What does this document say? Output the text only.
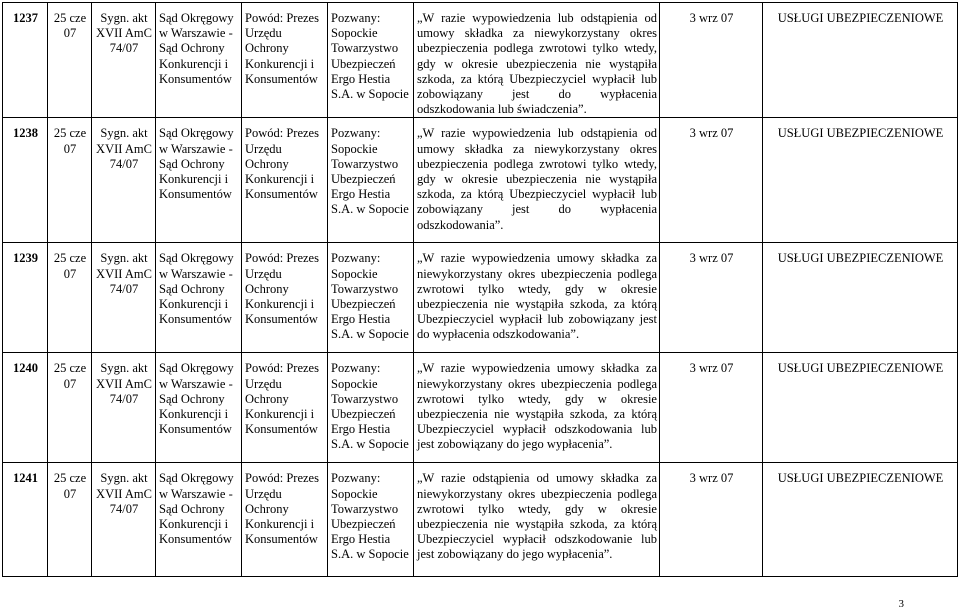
1237	25 cze 07	Sygn. akt XVII AmC 74/07	Sąd Okręgowy w Warszawie - Sąd Ochrony Konkurencji i Konsumentów	Powód: Prezes Urzędu Ochrony Konkurencji i Konsumentów	Pozwany: Sopockie Towarzystwo Ubezpieczeń Ergo Hestia S.A. w Sopocie	„W razie wypowiedzenia lub odstąpienia od umowy składka za niewykorzystany okres ubezpieczenia podlega zwrotowi tylko wtedy, gdy w okresie ubezpieczenia nie wystąpiła szkoda, za którą Ubezpieczyciel wypłacił lub zobowiązany jest do wypłacenia odszkodowania lub świadczenia”.	3 wrz 07	USŁUGI UBEZPIECZENIOWE
1238	25 cze 07	Sygn. akt XVII AmC 74/07	Sąd Okręgowy w Warszawie - Sąd Ochrony Konkurencji i Konsumentów	Powód: Prezes Urzędu Ochrony Konkurencji i Konsumentów	Pozwany: Sopockie Towarzystwo Ubezpieczeń Ergo Hestia S.A. w Sopocie	„W razie wypowiedzenia lub odstąpienia od umowy składka za niewykorzystany okres ubezpieczenia podlega zwrotowi tylko wtedy, gdy w okresie ubezpieczenia nie wystąpiła szkoda, za którą Ubezpieczyciel wypłacił lub zobowiązany jest do wypłacenia odszkodowania”.	3 wrz 07	USŁUGI UBEZPIECZENIOWE
1239	25 cze 07	Sygn. akt XVII AmC 74/07	Sąd Okręgowy w Warszawie - Sąd Ochrony Konkurencji i Konsumentów	Powód: Prezes Urzędu Ochrony Konkurencji i Konsumentów	Pozwany: Sopockie Towarzystwo Ubezpieczeń Ergo Hestia S.A. w Sopocie	„W razie wypowiedzenia umowy składka za niewykorzystany okres ubezpieczenia podlega zwrotowi tylko wtedy, gdy w okresie ubezpieczenia nie wystąpiła szkoda, za którą Ubezpieczyciel wypłacił lub zobowiązany jest do wypłacenia odszkodowania”.	3 wrz 07	USŁUGI UBEZPIECZENIOWE
1240	25 cze 07	Sygn. akt XVII AmC 74/07	Sąd Okręgowy w Warszawie - Sąd Ochrony Konkurencji i Konsumentów	Powód: Prezes Urzędu Ochrony Konkurencji i Konsumentów	Pozwany: Sopockie Towarzystwo Ubezpieczeń Ergo Hestia S.A. w Sopocie	„W razie wypowiedzenia umowy składka za niewykorzystany okres ubezpieczenia podlega zwrotowi tylko wtedy, gdy w okresie ubezpieczenia nie wystąpiła szkoda, za którą Ubezpieczyciel wypłacił odszkodowania lub jest zobowiązany do jego wypłacenia”.	3 wrz 07	USŁUGI UBEZPIECZENIOWE
1241	25 cze 07	Sygn. akt XVII AmC 74/07	Sąd Okręgowy w Warszawie - Sąd Ochrony Konkurencji i Konsumentów	Powód: Prezes Urzędu Ochrony Konkurencji i Konsumentów	Pozwany: Sopockie Towarzystwo Ubezpieczeń Ergo Hestia S.A. w Sopocie	„W razie odstąpienia od umowy składka za niewykorzystany okres ubezpieczenia podlega zwrotowi tylko wtedy, gdy w okresie ubezpieczenia nie wystąpiła szkoda, za którą Ubezpieczyciel wypłacił odszkodowanie lub jest zobowiązany do jego wypłacenia”.	3 wrz 07	USŁUGI UBEZPIECZENIOWE
3
